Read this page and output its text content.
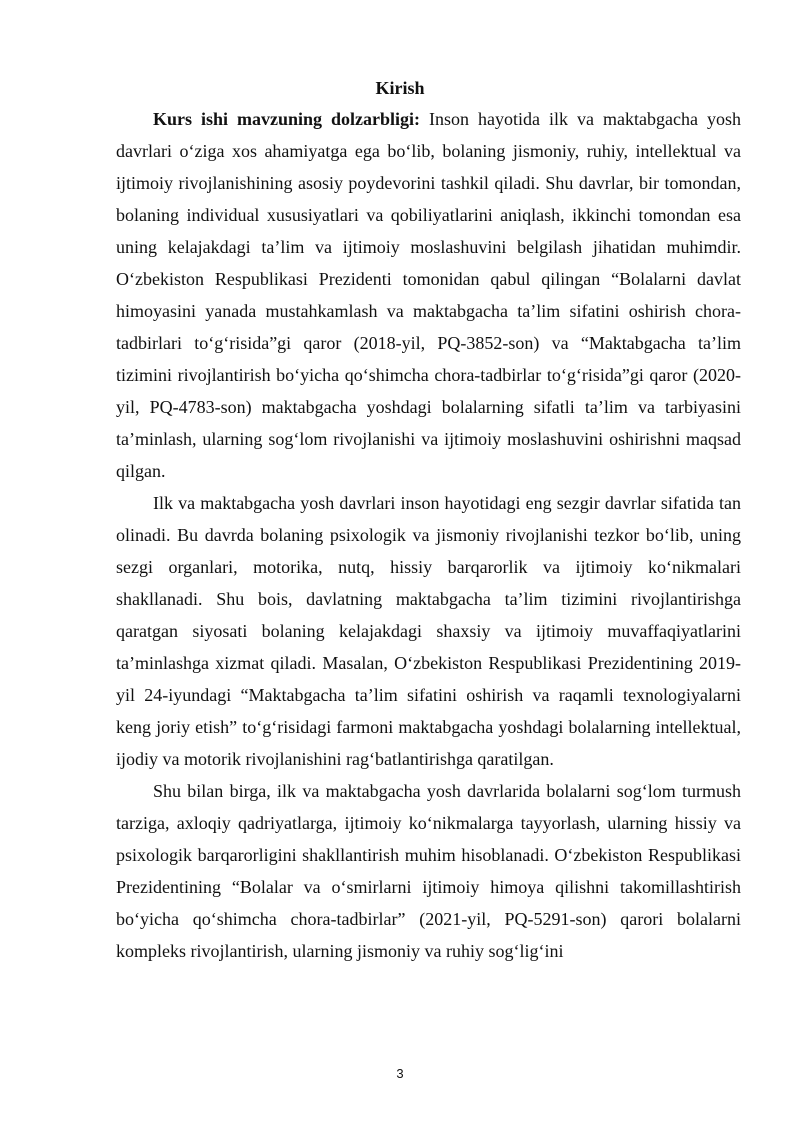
Kirish

Kurs ishi mavzuning dolzarbligi: Inson hayotida ilk va maktabgacha yosh davrlari o‘ziga xos ahamiyatga ega bo‘lib, bolaning jismoniy, ruhiy, intellektual va ijtimoiy rivojlanishining asosiy poydevorini tashkil qiladi. Shu davrlar, bir tomondan, bolaning individual xususiyatlari va qobiliyatlarini aniqlash, ikkinchi tomondan esa uning kelajakdagi ta’lim va ijtimoiy moslashuvini belgilash jihatidan muhimdir. O‘zbekiston Respublikasi Prezidenti tomonidan qabul qilingan “Bolalarni davlat himoyasini yanada mustahkamlash va maktabgacha ta’lim sifatini oshirish chora-tadbirlari to‘g‘risida”gi qaror (2018-yil, PQ-3852-son) va “Maktabgacha ta’lim tizimini rivojlantirish bo‘yicha qo‘shimcha chora-tadbirlar to‘g‘risida”gi qaror (2020-yil, PQ-4783-son) maktabgacha yoshdagi bolalarning sifatli ta’lim va tarbiyasini ta’minlash, ularning sog‘lom rivojlanishi va ijtimoiy moslashuvini oshirishni maqsad qilgan.

Ilk va maktabgacha yosh davrlari inson hayotidagi eng sezgir davrlar sifatida tan olinadi. Bu davrda bolaning psixologik va jismoniy rivojlanishi tezkor bo‘lib, uning sezgi organlari, motorika, nutq, hissiy barqarorlik va ijtimoiy ko‘nikmalari shakllanadi. Shu bois, davlatning maktabgacha ta’lim tizimini rivojlantirishga qaratgan siyosati bolaning kelajakdagi shaxsiy va ijtimoiy muvaffaqiyatlarini ta’minlashga xizmat qiladi. Masalan, O‘zbekiston Respublikasi Prezidentining 2019-yil 24-iyundagi “Maktabgacha ta’lim sifatini oshirish va raqamli texnologiyalarni keng joriy etish” to‘g‘risidagi farmoni maktabgacha yoshdagi bolalarning intellektual, ijodiy va motorik rivojlanishini rag‘batlantirishga qaratilgan.

Shu bilan birga, ilk va maktabgacha yosh davrlarida bolalarni sog‘lom turmush tarziga, axloqiy qadriyatlarga, ijtimoiy ko‘nikmalarga tayyorlash, ularning hissiy va psixologik barqarorligini shakllantirish muhim hisoblanadi. O‘zbekiston Respublikasi Prezidentining “Bolalar va o‘smirlarni ijtimoiy himoya qilishni takomillashtirish bo‘yicha qo‘shimcha chora-tadbirlar” (2021-yil, PQ-5291-son) qarori bolalarni kompleks rivojlantirish, ularning jismoniy va ruhiy sog‘lig‘ini

3
